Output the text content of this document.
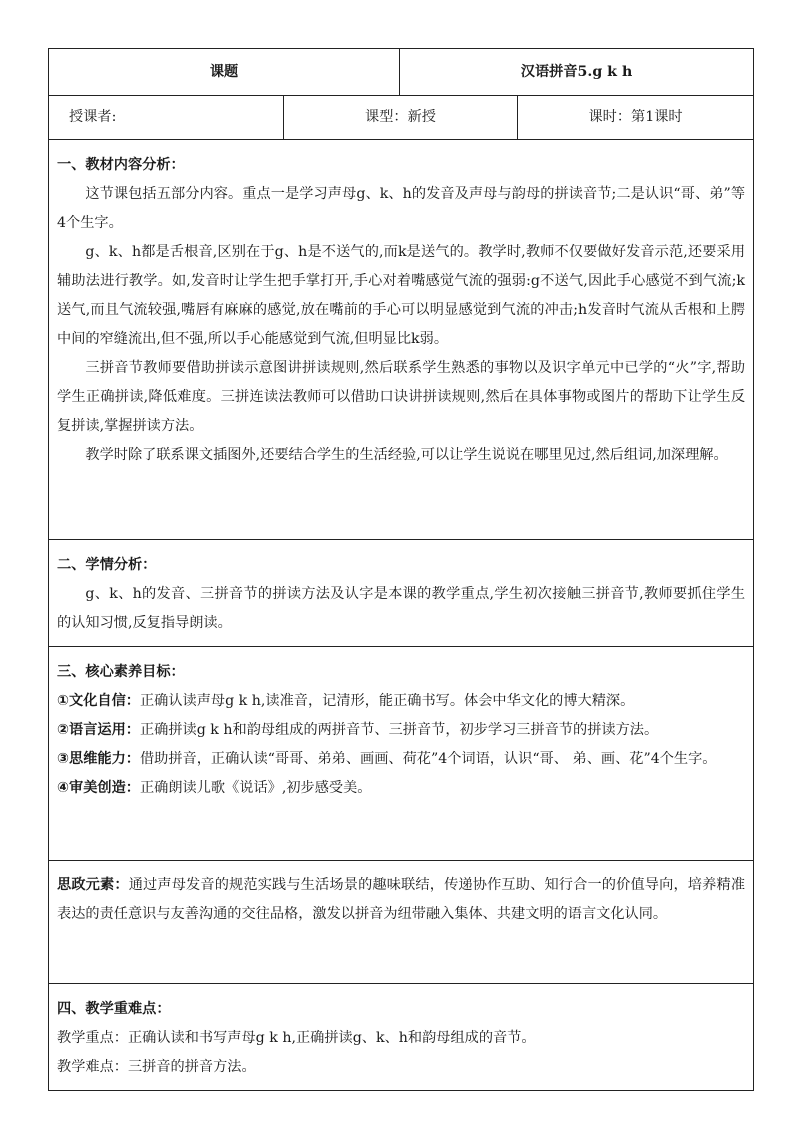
课题		汉语拼音5.g k h	
授课者:	课型：新授		课时：第1课时

一、教材内容分析：

这节课包括五部分内容。重点一是学习声母g、k、h的发音及声母与韵母的拼读音节;二是认识“哥、弟”等4个生字。

g、k、h都是舌根音,区别在于g、h是不送气的,而k是送气的。教学时,教师不仅要做好发音示范,还要采用辅助法进行教学。如,发音时让学生把手掌打开,手心对着嘴感觉气流的强弱:g不送气,因此手心感觉不到气流;k送气,而且气流较强,嘴唇有麻麻的感觉,放在嘴前的手心可以明显感觉到气流的冲击;h发音时气流从舌根和上腭中间的窄缝流出,但不强,所以手心能感觉到气流,但明显比k弱。

三拼音节教师要借助拼读示意图讲拼读规则,然后联系学生熟悉的事物以及识字单元中已学的“火”字,帮助学生正确拼读,降低难度。三拼连读法教师可以借助口诀讲拼读规则,然后在具体事物或图片的帮助下让学生反复拼读,掌握拼读方法。

教学时除了联系课文插图外,还要结合学生的生活经验,可以让学生说说在哪里见过,然后组词,加深理解。			

二、学情分析：

g、k、h的发音、三拼音节的拼读方法及认字是本课的教学重点,学生初次接触三拼音节,教师要抓住学生的认知习惯,反复指导朗读。			

三、核心素养目标：

①文化自信：正确认读声母g k h,读准音，记清形，能正确书写。体会中华文化的博大精深。

②语言运用：正确拼读g k h和韵母组成的两拼音节、三拼音节，初步学习三拼音节的拼读方法。

③思维能力：借助拼音，正确认读“哥哥、弟弟、画画、荷花”4个词语，认识“哥、 弟、画、花”4个生字。

④审美创造：正确朗读儿歌《说话》,初步感受美。			

思政元素：通过声母发音的规范实践与生活场景的趣味联结，传递协作互助、知行合一的价值导向，培养精准表达的责任意识与友善沟通的交往品格，激发以拼音为纽带融入集体、共建文明的语言文化认同。			

四、教学重难点：

教学重点：正确认读和书写声母g k h,正确拼读g、k、h和韵母组成的音节。

教学难点：三拼音的拼音方法。			
